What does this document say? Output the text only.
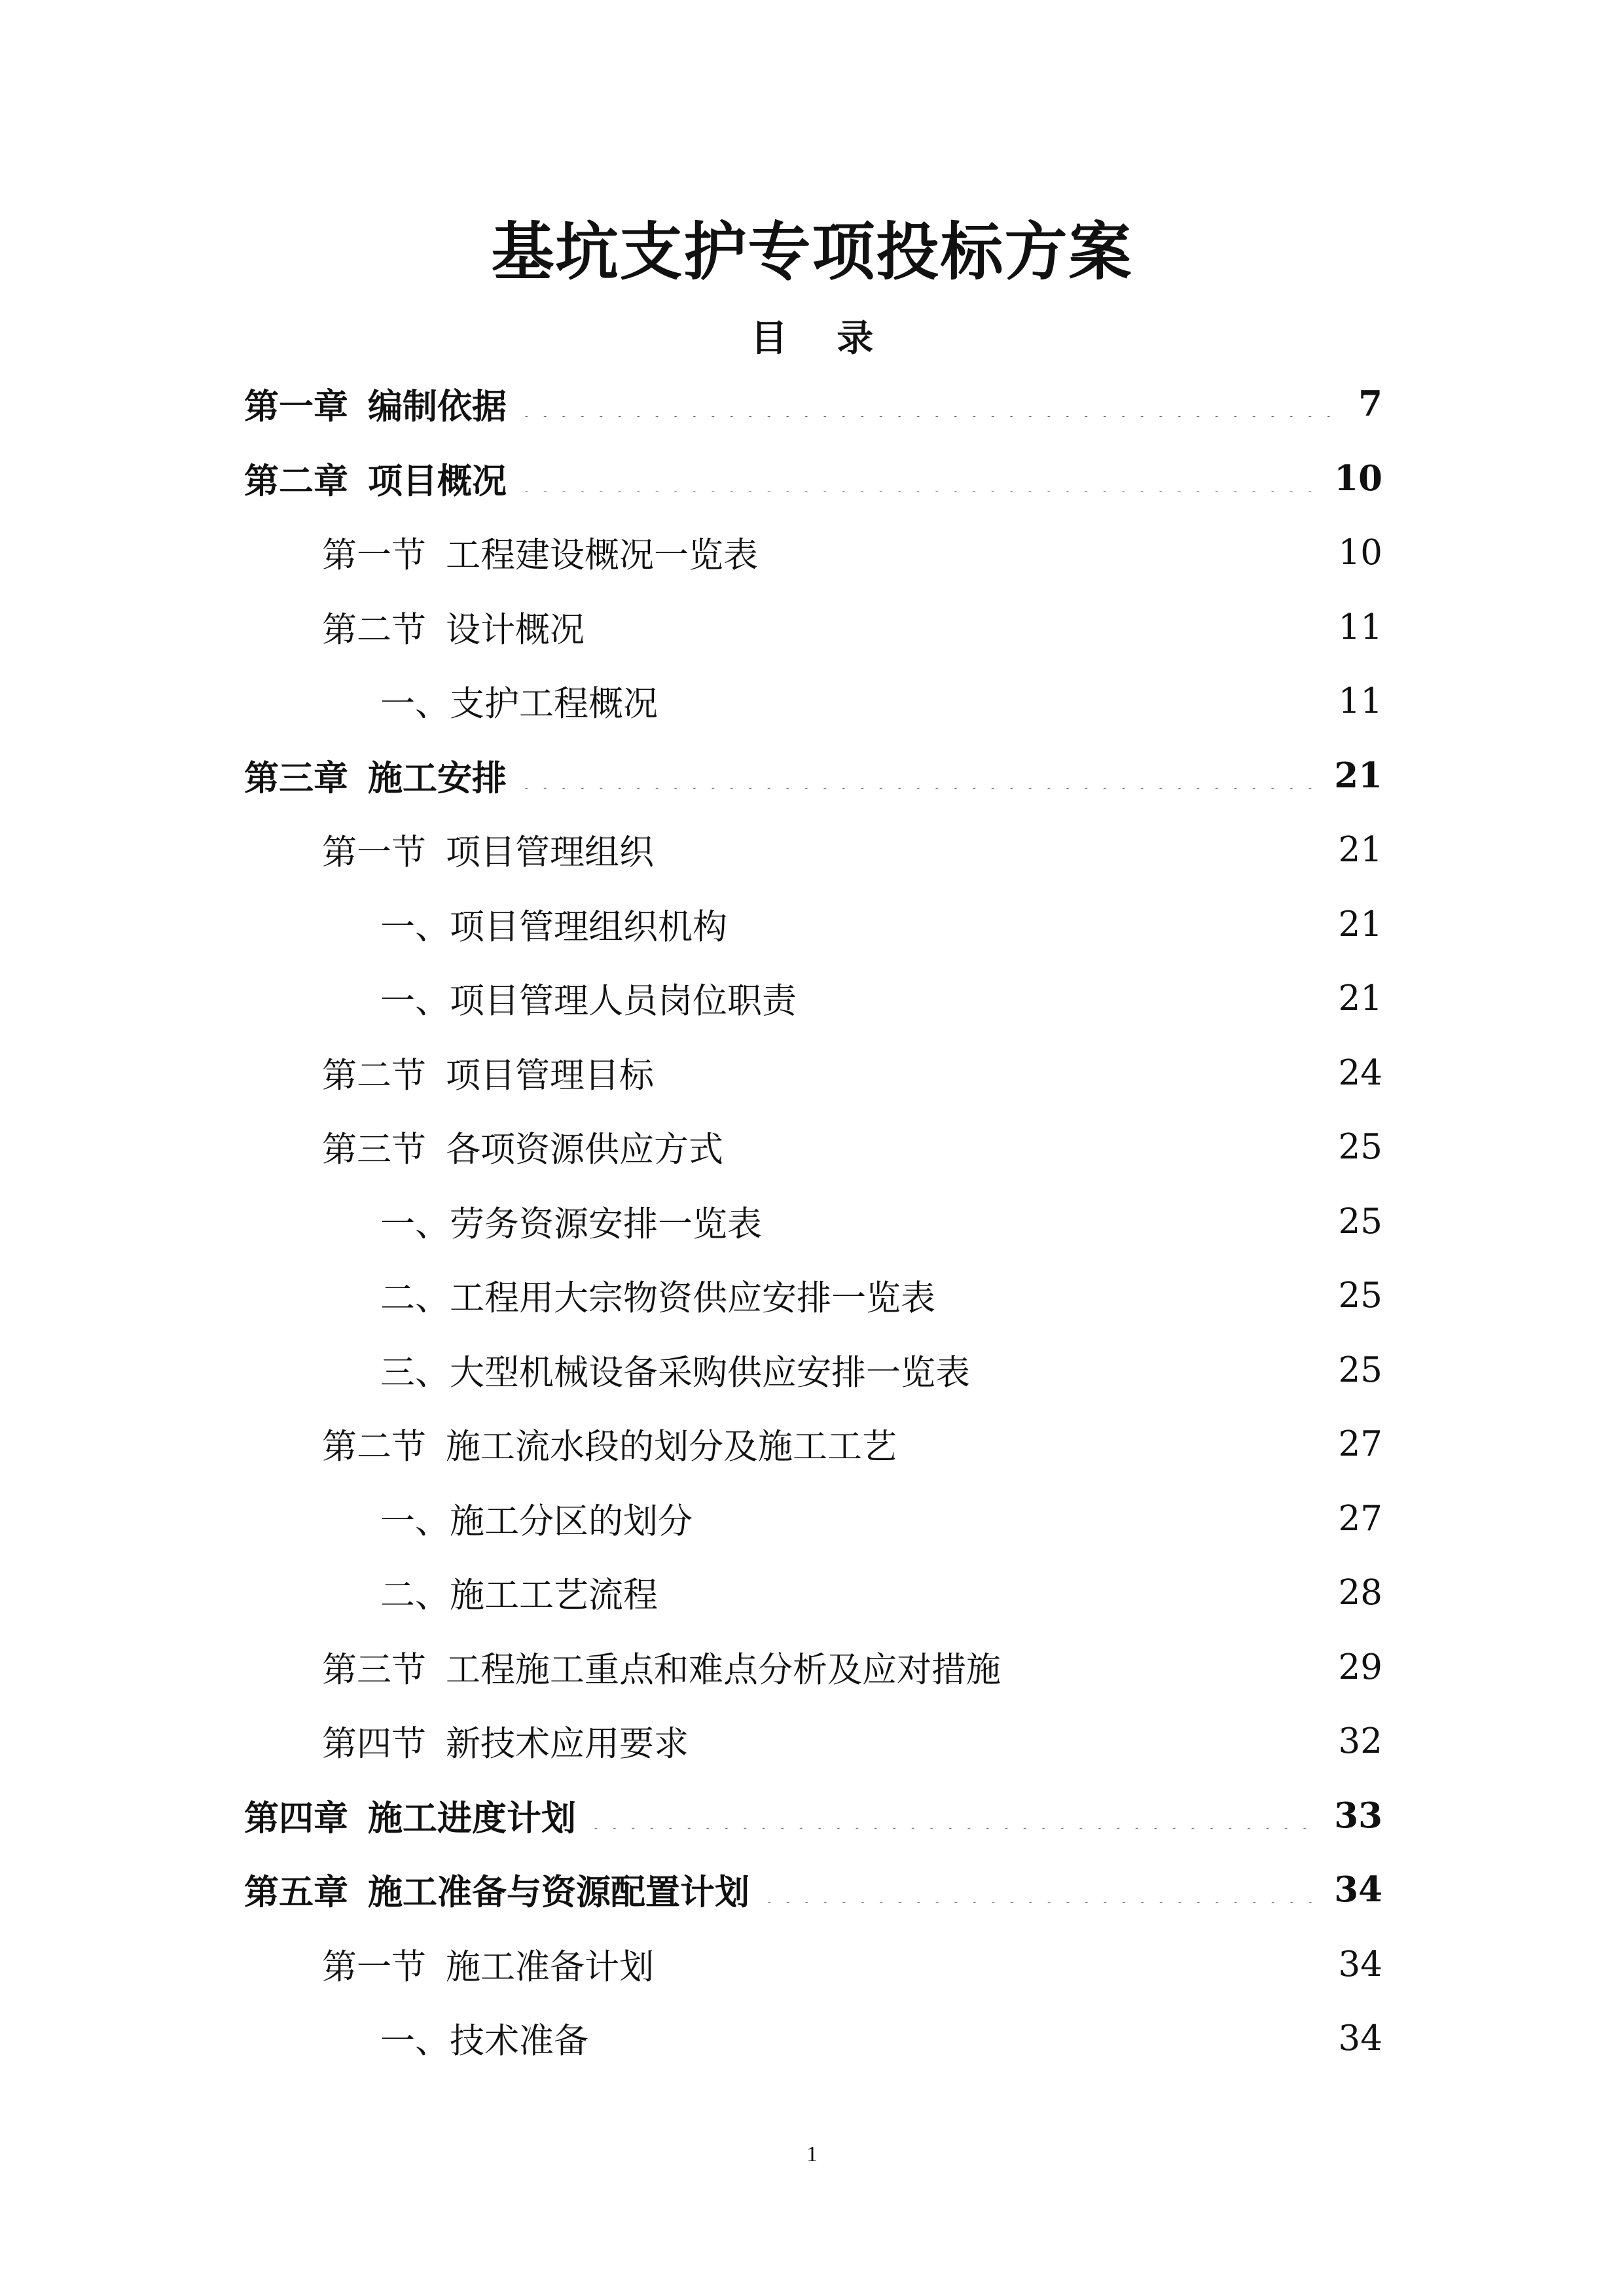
基坑支护专项投标方案
目 录
第一章 编制依据	7
第二章 项目概况	10
第一节 工程建设概况一览表	10
第二节 设计概况	11
一、支护工程概况	11
第三章 施工安排	21
第一节 项目管理组织	21
一、项目管理组织机构	21
一、项目管理人员岗位职责	21
第二节 项目管理目标	24
第三节 各项资源供应方式	25
一、劳务资源安排一览表	25
二、工程用大宗物资供应安排一览表	25
三、大型机械设备采购供应安排一览表	25
第二节 施工流水段的划分及施工工艺	27
一、施工分区的划分	27
二、施工工艺流程	28
第三节 工程施工重点和难点分析及应对措施	29
第四节 新技术应用要求	32
第四章 施工进度计划	33
第五章 施工准备与资源配置计划	34
第一节 施工准备计划	34
一、技术准备	34
1
